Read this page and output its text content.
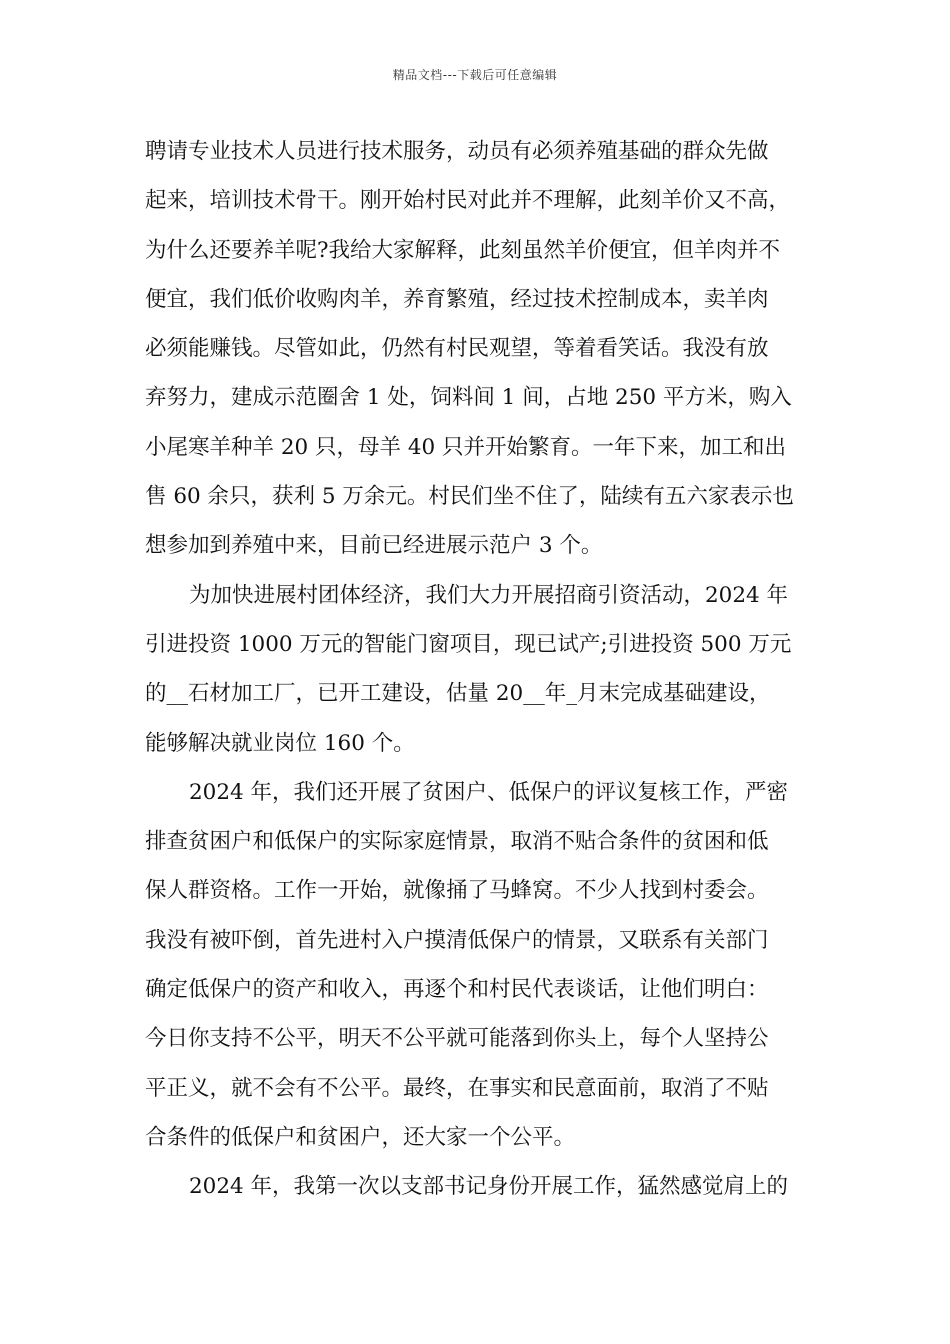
精品文档---下载后可任意编辑
聘请专业技术人员进行技术服务，动员有必须养殖基础的群众先做
起来，培训技术骨干。刚开始村民对此并不理解，此刻羊价又不高，
为什么还要养羊呢?我给大家解释，此刻虽然羊价便宜，但羊肉并不
便宜，我们低价收购肉羊，养育繁殖，经过技术控制成本，卖羊肉
必须能赚钱。尽管如此，仍然有村民观望，等着看笑话。我没有放
弃努力，建成示范圈舍 1 处，饲料间 1 间，占地 250 平方米，购入
小尾寒羊种羊 20 只，母羊 40 只并开始繁育。一年下来，加工和出
售 60 余只，获利 5 万余元。村民们坐不住了，陆续有五六家表示也
想参加到养殖中来，目前已经进展示范户 3 个。
为加快进展村团体经济，我们大力开展招商引资活动，2024 年
引进投资 1000 万元的智能门窗项目，现已试产;引进投资 500 万元
的__石材加工厂，已开工建设，估量 20__年_月末完成基础建设，
能够解决就业岗位 160 个。
2024 年，我们还开展了贫困户、低保户的评议复核工作，严密
排查贫困户和低保户的实际家庭情景，取消不贴合条件的贫困和低
保人群资格。工作一开始，就像捅了马蜂窝。不少人找到村委会。
我没有被吓倒，首先进村入户摸清低保户的情景，又联系有关部门
确定低保户的资产和收入，再逐个和村民代表谈话，让他们明白：
今日你支持不公平，明天不公平就可能落到你头上，每个人坚持公
平正义，就不会有不公平。最终，在事实和民意面前，取消了不贴
合条件的低保户和贫困户，还大家一个公平。
2024 年，我第一次以支部书记身份开展工作，猛然感觉肩上的
